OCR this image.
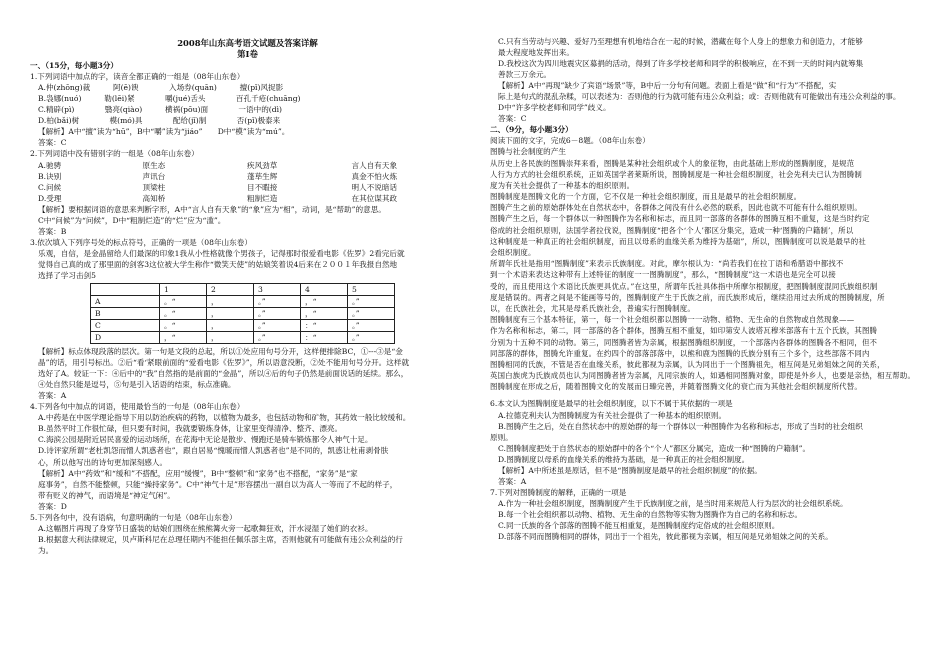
2008年山东高考语文试题及答案详解
第Ⅰ卷
一、（15分，每小题3分）
1.下列词语中加点的字，读音全都正确的一组是（08年山东卷）
A.仲(zhōng)裁　　　阿(ē)谀　　　　入场券(quān)　　　擅(pǐ)风捉影
B.袅娜(nuó)　　　勒(lēi)紧　　　　嚼(jué)舌头　　　　百孔千疮(chuāng)
C.精辟(pì)　　　　翳亮(qiào)　　　横祸(pōu)面　　　　一语中的(dì)
D.柏(bǎi)树　　　　模(mó)具　　　　配给(jǐ)制　　　　否(pǐ)极泰来
【解析】A中“擅”读为“hū”，B中“嚼”读为“jiáo”　　D中“模”读为“mú”。
答案：C
2.下列词语中没有错别字的一组是（08年山东卷）
A.驰骋	原生态	疾风劲草	言人自有天象
B.诀别	声讯台	蓬荜生辉	真金不怕火炼
C.问候	顶梁柱	目不暇接	明人不说暗话
D.受理	高知桥	粗制烂造	在其位谋其政
【解析】要根据词语的意思来判断字形，A中“言人自有天象”的“象”应为“相”，动词，是“帮助”的意思。
C中“问候”为“问候”，D中“粗制烂造”的“烂”应为“滥”。
答案：B
3.依次填入下列序号处的标点符号，正确的一项是（08年山东卷）
乐观，自信，是金晶留给人们最深的印象1我从小性格就像个男孩子，记得那时很爱看电影《佐罗》2看完后就
觉得自己真的成了那里面的剑客3这位被大学生称作“微笑天使”的姑娘笑着说4后来在２００１年我报自然地
选择了学习击剑5
	1	2	3	4	5
A	。“	，	。”	，“	。”
B	。“	，	。”	，“	。”
C	。“	，	。”	：“	。”
D	，“	，	。”	：“	。”
【解析】标点体现段落的层次。第一句是文段的总起，所以①处应用句号分开，这样便排除BC，①---③是“金
晶”的话，用引号标出。②后“看‘紧眼前面的“爱看电影《佐罗》”，所以语意没断，②处不能用句号分开。这样就
选好了A。较证一下：④后中的“我”自然指的是前面的“金晶”，所以④后的句子仍然是前面说话的延续。那么，
④处自然只能是逗号，⑤句是引入话语的结束，标点准确。
答案：A
4.下列各句中加点的词语，使用最恰当的一句是（08年山东卷）
A.中药是在中医学理论指导下用以防治疾病的药物，以植物为最多，也包括动物和矿物，其药效一般比较缓和。
B.虽然平时工作很忙碌，但只要有时间，我就要锻炼身体，让家里变得清净、整齐、漂亮。
C.海滨公园是附近居民喜爱的运动场所，在花海中无论是散步、慢跑还是骑车锻炼都令人神气十足。
D.诗评家所谓“老杜凯怨而憎人凯惑者也”，跟自居易“愧暖而憎人凯惑者也”是不同的，凯惑让杜甫剥骨肤
心，所以他写出的诗句更加深刻感人。
【解析】A中“药效”和“缓和”不搭配，应用“缓慢”，B中“整顿”和“家务”也不搭配，“家务”是“家
庭事务”，自然不能整顿，只能“操持家务”。C中“神气十足”形容摆出一副自以为高人一等而了不起的样子，
带有贬义的神气，而语境是“神定气闲”。
答案：D
5.下列各句中，没有语病，句意明确的一句是（08年山东卷）
A.这幅图片再现了身穿节日盛装的姑娘们围绕在熊熊篝火旁一起歌舞狂欢，汗水浸湿了她们的衣衫。
B.根据意大利法律规定，贝卢斯科尼在总理任期内不能担任佩乐部主席，否则他就有可能做有违公众利益的行
为。
C.只有当劳动与兴趣、爱好乃至理想有机地结合在一起的时候，潜藏在每个人身上的想象力和创造力，才能够
最大程度地发挥出来。
D.我校这次为四川地震灾区募捐的活动，得到了许多学校老师和同学的积极响应，在不到一天的时间内就筹集
善款三万余元。
【解析】A中“再现”缺少了宾语“场景”等，B中后一分句有问题。表面上看是“做”和“行为”不搭配，实
际上是句式的混乱杂糅，可以表述为：否则他的行为就可能有违公众利益；或：否则他就有可能做出有违公众利益的事。
D中“许多学校老师和同学”歧义。
答案：C
二、（9分，每小题3分）
阅读下面的文字，完成6－8题。（08年山东卷）
图腾与社会制度的产生
从历史上各民族的图腾崇拜来看，图腾是某种社会组织或个人的象征物，由此基础上形成的图腾制度，是规范
人行为方式的社会组织系统，正如英国学者莱斯所说，图腾制度是一种社会组织制度，社会先利夫已认为图腾制
度为有关社会提供了一种基本的组织原则。
图腾制度是图腾文化的一个方面，它不仅是一种社会组织制度，而且是最早的社会组织制度。
图腾产生之前的原始群体处在自然状态中，各群体之间没有什么必然的联系，因此也就不可能有什么组织原则。
图腾产生之后，每一个群体以一种图腾作为名称和标志，而且同一部落的各群体的图腾互相不重复，这是当时约定
俗成的社会组织原则，法国学者拉伐说，图腾制度“把各个‘个人’都区分集完，造成一种‘图腾的户籍制’，所以
这种制度是一种真正的社会组织制度，而且以母系的血缘关系为维持为基础”，所以，图腾制度可以说是最早的社
会组织制度。
所谓年氏社是指用“图腾制度”来表示氏族制度。对此，摩尔根认为：“尚若我们在拉丁语和希腊语中都找不
到一个术语来表达这种带有上述特征的制度一一图腾制度”，那么，“图腾制度”这一术语也是完全可以接
受的，而且使用这个术语比氏族更具优点。”在这里，所谓年氏社具体指中所摩尔根制度，把图腾制度混同氏族组织制
度是错误的。两者之间是不能画等号的，图腾制度产生于氏族之前，而氏族形成后，继续沿用过去所成的图腾制度，所
以，在氏族社会，尤其是母系氏族社会，普遍实行图腾制度。
图腾制度有三个基本特征，第一，每一个社会组织都以图腾一一动物、植物、无生命的自然物或自然现象——
作为名称和标志，第二，同一部落的各个群体，图腾互相不重复，如印第安人波塔瓦穆米部落有十五个氏族，其图腾
分别为十五种不同的动物。第三，同图腾者皆为亲属，根据图腾组织制度，一个部落内各群体的图腾各不相同，但不
同部落的群体，图腾允许重复。在约四个的部落部落中，以熊和鹿为图腾的氏族分别有三个多个，这些部落不同内
图腾相同的氏族，不管是否在血缘关系，彼此都视为亲属，认为同出于一个图腾祖先，相互间是兄弟姐妹之间的关系，
英国白族虎为氏族成员也认为同图腾者皆为亲属，凡同宗族的人，如遇相同图腾对象，即使是外乡人，也要是亲热，相互帮助。
图腾制度在形成之后，随着图腾文化的发展而日臻完善，并随着图腾文化的衰亡而为其他社会组织制度所代替。
6.本文认为图腾制度是最早的社会组织制度，以下不属于其依据的一项是
A.拉德克利夫认为图腾制度为有关社会提供了一种基本的组织原则。
B.图腾产生之后，处在自然状态中的原始群的每一个群体以一种图腾作为名称和标志，形成了当时的社会组织
原则。
C.图腾制度把处于自然状态的原始群中的各个“个人”都区分属完，造成一种“图腾的户籍制”。
D.图腾制度以母系的血缘关系的维持为基础，是一种真正的社会组织制度。
【解析】A中所述虽是原话，但不是“图腾制度是最早的社会组织制度”的依据。
答案：A
7.下列对图腾制度的解释，正确的一项是
A.作为一种社会组织制度，图腾制度产生于氏族制度之前，是当时用来规范人行为层次的社会组织系统。
B.每一个社会组织都以动物、植物、无生命的自然物等实物为图腾作为自己的名称和标志。
C.同一氏族的各个部落的图腾不能互相重复，是图腾制度约定俗成的社会组织原则。
D.部落不同而图腾相同的群体，同出于一个祖先，彼此都视为亲属，相互间是兄弟姐妹之间的关系。
